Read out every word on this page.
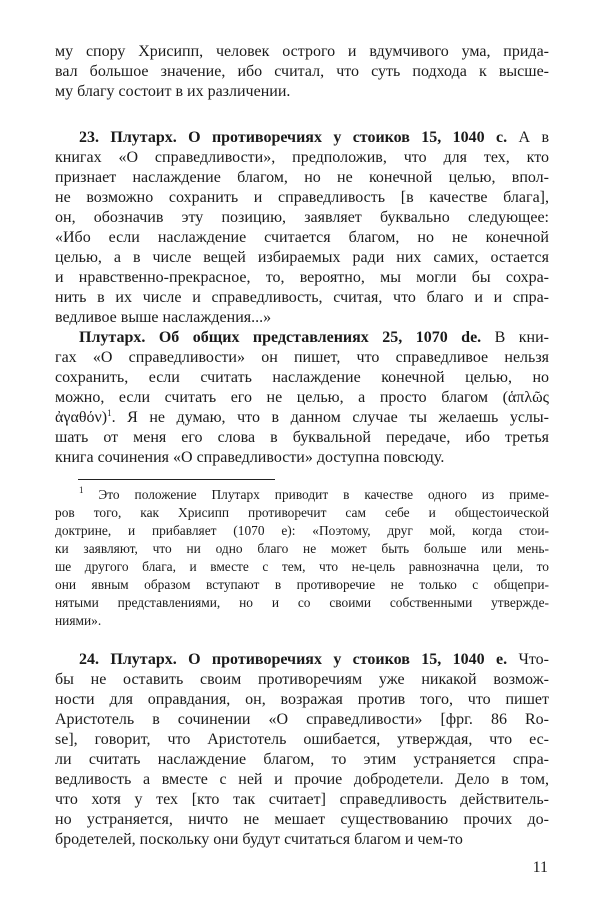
му спору Хрисипп, человек острого и вдумчивого ума, прида-
вал большое значение, ибо считал, что суть подхода к высше-
му благу состоит в их различении.
23. Плутарх. О противоречиях у стоиков 15, 1040 c. А в
книгах «О справедливости», предположив, что для тех, кто
признает наслаждение благом, но не конечной целью, впол-
не возможно сохранить и справедливость [в качестве блага],
он, обозначив эту позицию, заявляет буквально следующее:
«Ибо если наслаждение считается благом, но не конечной
целью, а в числе вещей избираемых ради них самих, остается
и нравственно-прекрасное, то, вероятно, мы могли бы сохра-
нить в их числе и справедливость, считая, что благо и и спра-
ведливое выше наслаждения...»
Плутарх. Об общих представлениях 25, 1070 de. В кни-
гах «О справедливости» он пишет, что справедливое нельзя
сохранить, если считать наслаждение конечной целью, но
можно, если считать его не целью, а просто благом (ἁπλῶς
ἀγαθόν)$^1$. Я не думаю, что в данном случае ты желаешь услы-
шать от меня его слова в буквальной передаче, ибо третья
книга сочинения «О справедливости» доступна повсюду.
$^1$ Это положение Плутарх приводит в качестве одного из приме-
ров того, как Хрисипп противоречит сам себе и общестоической
доктрине, и прибавляет (1070 e): «Поэтому, друг мой, когда стои-
ки заявляют, что ни одно благо не может быть больше или мень-
ше другого блага, и вместе с тем, что не-цель равнозначна цели, то
они явным образом вступают в противоречие не только с общепри-
нятыми представлениями, но и со своими собственными утвержде-
ниями».
24. Плутарх. О противоречиях у стоиков 15, 1040 e. Что-
бы не оставить своим противоречиям уже никакой возмож-
ности для оправдания, он, возражая против того, что пишет
Аристотель в сочинении «О справедливости» [фрг. 86 Ro-
se], говорит, что Аристотель ошибается, утверждая, что ес-
ли считать наслаждение благом, то этим устраняется спра-
ведливость а вместе с ней и прочие добродетели. Дело в том,
что хотя у тех [кто так считает] справедливость действитель-
но устраняется, ничто не мешает существованию прочих до-
бродетелей, поскольку они будут считаться благом и чем-то
11
